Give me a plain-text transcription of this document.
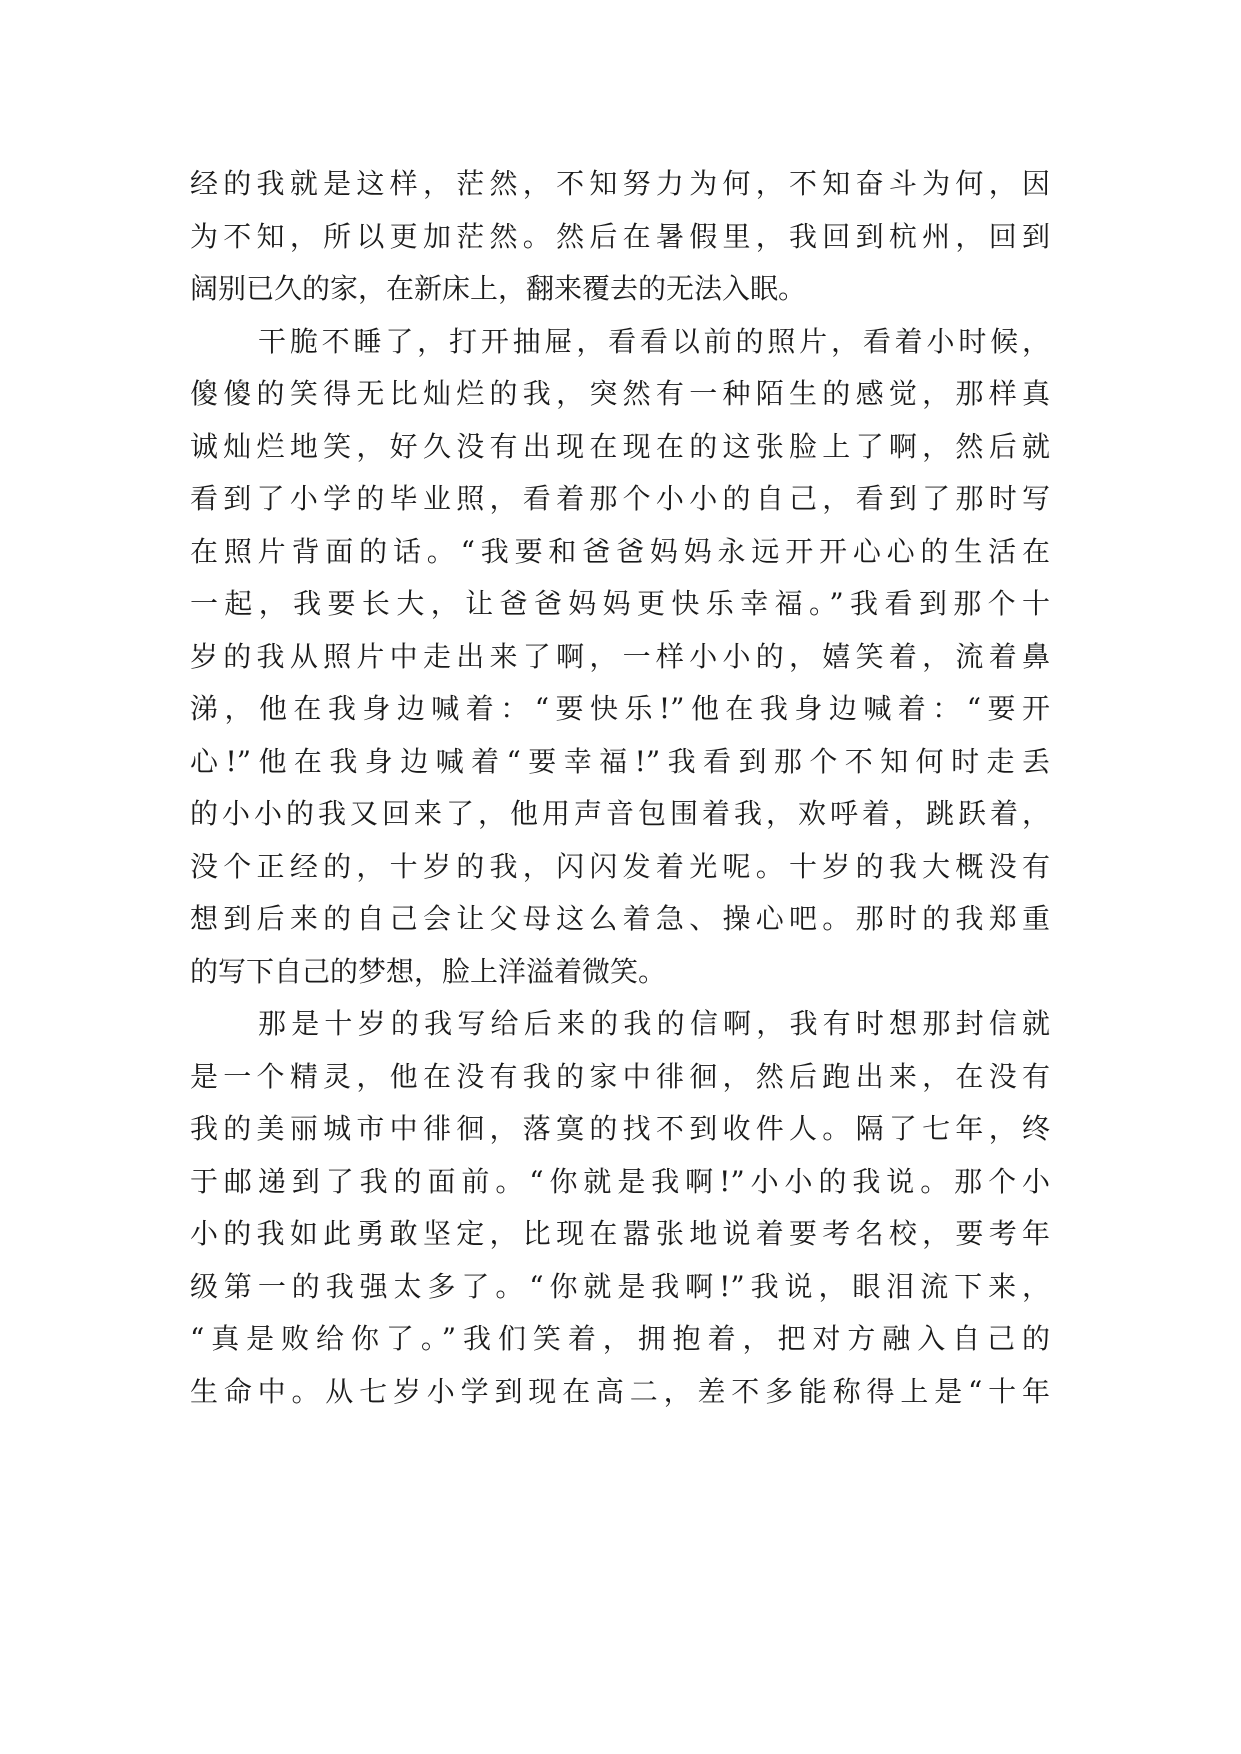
经的我就是这样，茫然，不知努力为何，不知奋斗为何，因
为不知，所以更加茫然。然后在暑假里，我回到杭州，回到
阔别已久的家，在新床上，翻来覆去的无法入眠。
干脆不睡了，打开抽屉，看看以前的照片，看着小时候，
傻傻的笑得无比灿烂的我，突然有一种陌生的感觉，那样真
诚灿烂地笑，好久没有出现在现在的这张脸上了啊，然后就
看到了小学的毕业照，看着那个小小的自己，看到了那时写
在照片背面的话。“我要和爸爸妈妈永远开开心心的生活在
一起，我要长大，让爸爸妈妈更快乐幸福。”我看到那个十
岁的我从照片中走出来了啊，一样小小的，嬉笑着，流着鼻
涕，他在我身边喊着：“要快乐!”他在我身边喊着：“要开
心!”他在我身边喊着“要幸福!”我看到那个不知何时走丢
的小小的我又回来了，他用声音包围着我，欢呼着，跳跃着，
没个正经的，十岁的我，闪闪发着光呢。十岁的我大概没有
想到后来的自己会让父母这么着急、操心吧。那时的我郑重
的写下自己的梦想，脸上洋溢着微笑。
那是十岁的我写给后来的我的信啊，我有时想那封信就
是一个精灵，他在没有我的家中徘徊，然后跑出来，在没有
我的美丽城市中徘徊，落寞的找不到收件人。隔了七年，终
于邮递到了我的面前。“你就是我啊!”小小的我说。那个小
小的我如此勇敢坚定，比现在嚣张地说着要考名校，要考年
级第一的我强太多了。“你就是我啊!”我说，眼泪流下来，
“真是败给你了。”我们笑着，拥抱着，把对方融入自己的
生命中。从七岁小学到现在高二，差不多能称得上是“十年
